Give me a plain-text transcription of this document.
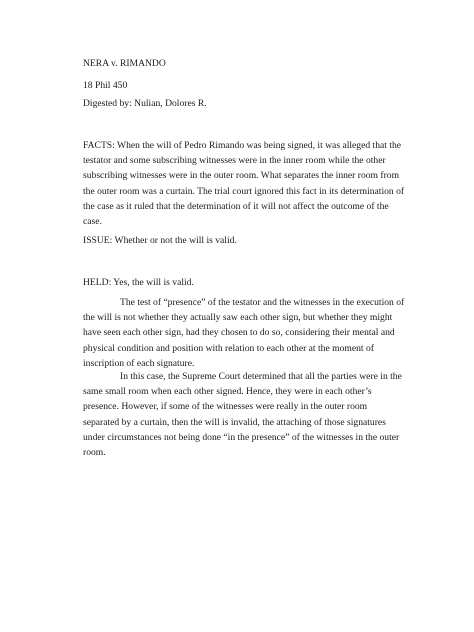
NERA v. RIMANDO

18 Phil 450

Digested by: Nulian, Dolores R.

FACTS: When the will of Pedro Rimando was being signed, it was alleged that the testator and some subscribing witnesses were in the inner room while the other subscribing witnesses were in the outer room. What separates the inner room from the outer room was a curtain. The trial court ignored this fact in its determination of the case as it ruled that the determination of it will not affect the outcome of the case.

ISSUE: Whether or not the will is valid.

HELD: Yes, the will is valid.

The test of “presence” of the testator and the witnesses in the execution of the will is not whether they actually saw each other sign, but whether they might have seen each other sign, had they chosen to do so, considering their mental and physical condition and position with relation to each other at the moment of inscription of each signature.

In this case, the Supreme Court determined that all the parties were in the same small room when each other signed. Hence, they were in each other’s presence. However, if some of the witnesses were really in the outer room separated by a curtain, then the will is invalid, the attaching of those signatures under circumstances not being done “in the presence” of the witnesses in the outer room.
